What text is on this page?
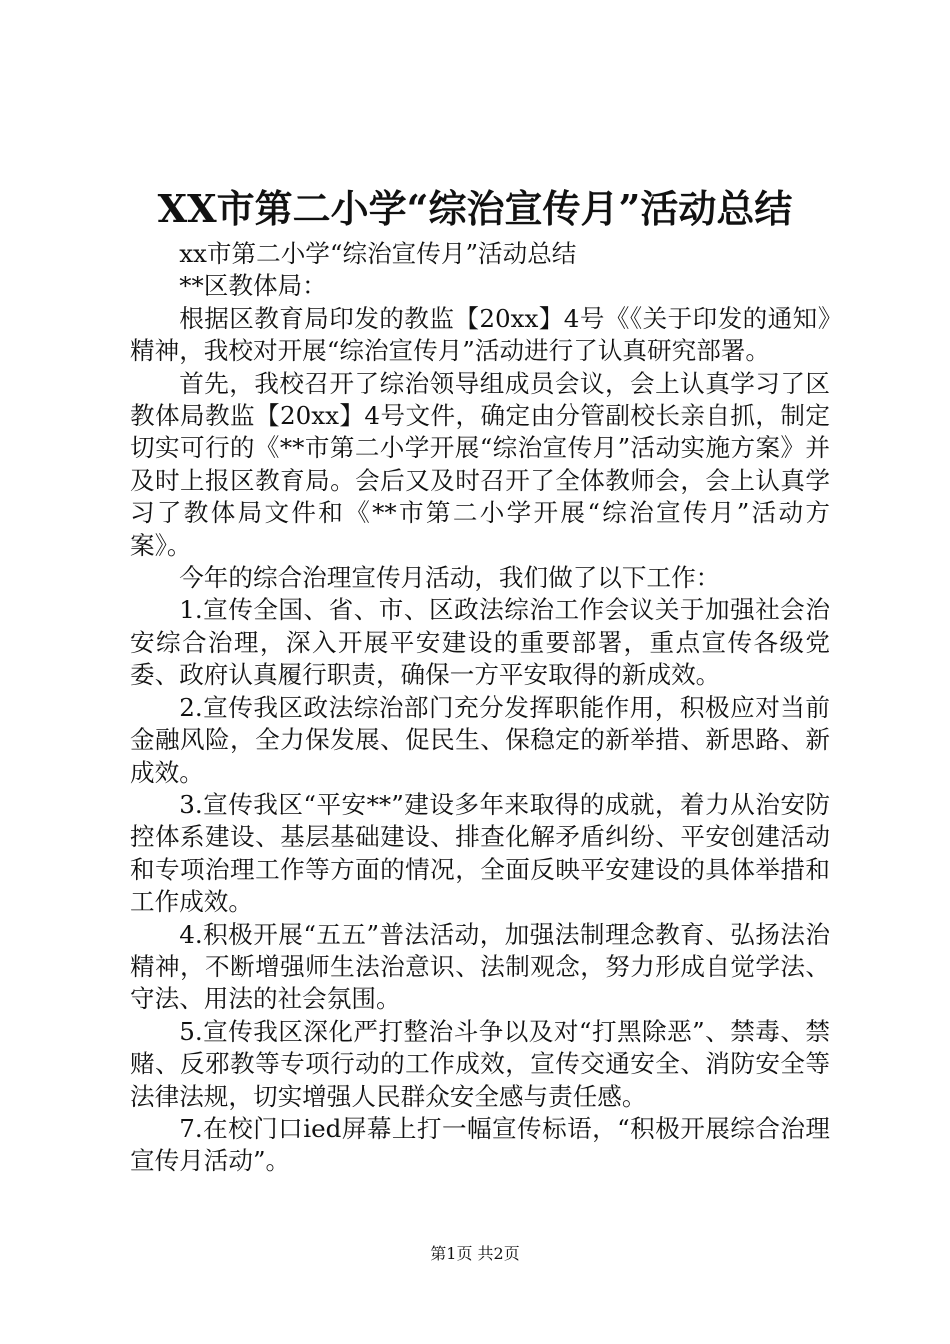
XX市第二小学“综治宣传月”活动总结

xx市第二小学“综治宣传月”活动总结

**区教体局：

根据区教育局印发的教监【20xx】4号《《关于印发的通知》精神，我校对开展“综治宣传月”活动进行了认真研究部署。

首先，我校召开了综治领导组成员会议，会上认真学习了区教体局教监【20xx】4号文件，确定由分管副校长亲自抓，制定切实可行的《**市第二小学开展“综治宣传月”活动实施方案》并及时上报区教育局。会后又及时召开了全体教师会，会上认真学习了教体局文件和《**市第二小学开展“综治宣传月”活动方案》。

今年的综合治理宣传月活动，我们做了以下工作：

1.宣传全国、省、市、区政法综治工作会议关于加强社会治安综合治理，深入开展平安建设的重要部署，重点宣传各级党委、政府认真履行职责，确保一方平安取得的新成效。

2.宣传我区政法综治部门充分发挥职能作用，积极应对当前金融风险，全力保发展、促民生、保稳定的新举措、新思路、新成效。

3.宣传我区“平安**”建设多年来取得的成就，着力从治安防控体系建设、基层基础建设、排查化解矛盾纠纷、平安创建活动和专项治理工作等方面的情况，全面反映平安建设的具体举措和工作成效。

4.积极开展“五五”普法活动，加强法制理念教育、弘扬法治精神，不断增强师生法治意识、法制观念，努力形成自觉学法、守法、用法的社会氛围。

5.宣传我区深化严打整治斗争以及对“打黑除恶”、禁毒、禁赌、反邪教等专项行动的工作成效，宣传交通安全、消防安全等法律法规，切实增强人民群众安全感与责任感。

7.在校门口ied屏幕上打一幅宣传标语，“积极开展综合治理宣传月活动”。

第1页 共2页
